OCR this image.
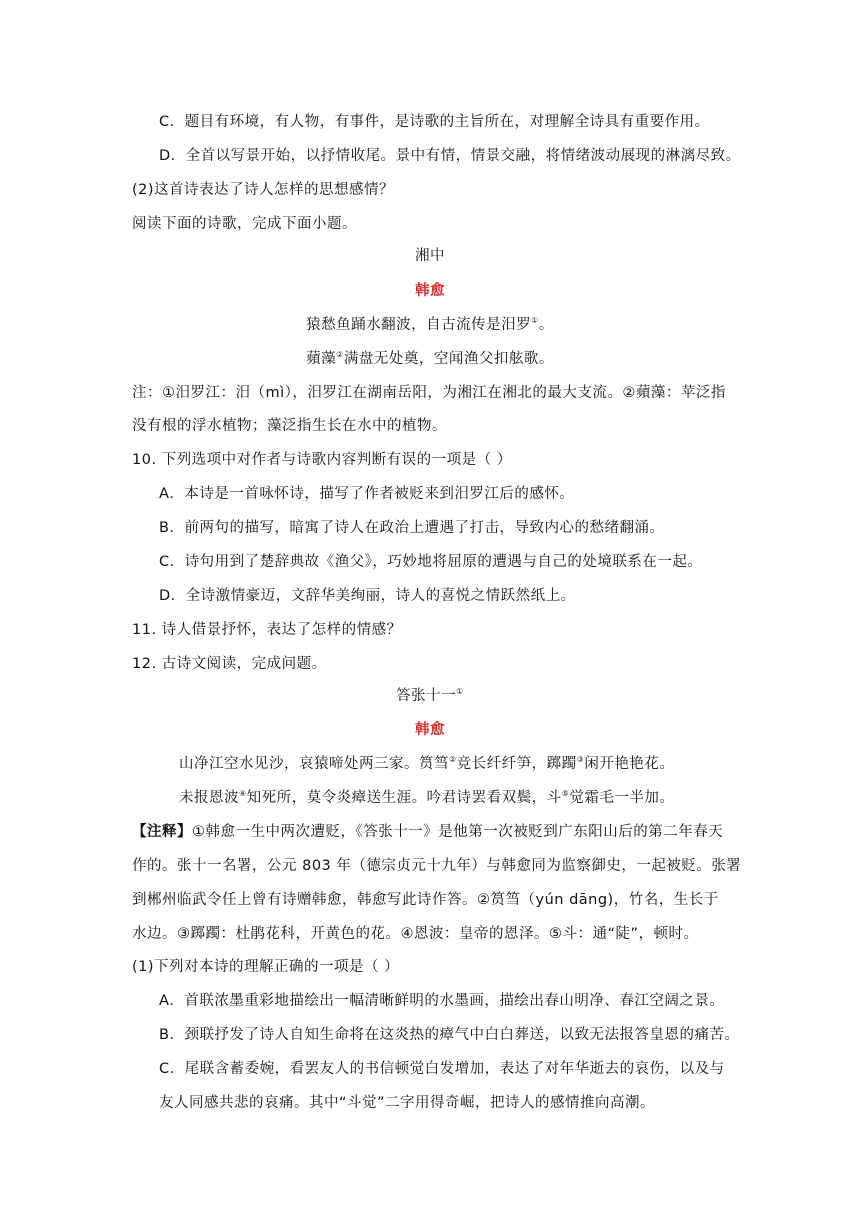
C．题目有环境，有人物，有事件，是诗歌的主旨所在，对理解全诗具有重要作用。
D．全首以写景开始，以抒情收尾。景中有情，情景交融，将情绪波动展现的淋漓尽致。
(2)这首诗表达了诗人怎样的思想感情？
阅读下面的诗歌，完成下面小题。
湘中
韩愈
猿愁鱼踊水翻波，自古流传是汨罗①。
蘋藻②满盘无处奠，空闻渔父扣舷歌。
注：①汨罗江：汨（mì），汨罗江在湖南岳阳，为湘江在湘北的最大支流。②蘋藻：苹泛指
没有根的浮水植物；藻泛指生长在水中的植物。
10. 下列选项中对作者与诗歌内容判断有误的一项是（ ）
A．本诗是一首咏怀诗，描写了作者被贬来到汨罗江后的感怀。
B．前两句的描写，暗寓了诗人在政治上遭遇了打击，导致内心的愁绪翻涌。
C．诗句用到了楚辞典故《渔父》，巧妙地将屈原的遭遇与自己的处境联系在一起。
D．全诗激情豪迈，文辞华美绚丽，诗人的喜悦之情跃然纸上。
11. 诗人借景抒怀，表达了怎样的情感？
12. 古诗文阅读，完成问题。
答张十一①
韩愈
山净江空水见沙，哀猿啼处两三家。筼筜②竞长纤纤笋，踯躅③闲开艳艳花。
未报恩波④知死所，莫令炎瘴送生涯。吟君诗罢看双鬓，斗⑤觉霜毛一半加。
【注释】①韩愈一生中两次遭贬，《答张十一》是他第一次被贬到广东阳山后的第二年春天
作的。张十一名署，公元 803 年（德宗贞元十九年）与韩愈同为监察御史，一起被贬。张署
到郴州临武令任上曾有诗赠韩愈，韩愈写此诗作答。②筼筜（yún dāng)，竹名，生长于
水边。③踯躅：杜鹃花科，开黄色的花。④恩波：皇帝的恩泽。⑤斗：通“陡”，顿时。
(1)下列对本诗的理解正确的一项是（ ）
A．首联浓墨重彩地描绘出一幅清晰鲜明的水墨画，描绘出春山明净、春江空阔之景。
B．颈联抒发了诗人自知生命将在这炎热的瘴气中白白葬送，以致无法报答皇恩的痛苦。
C．尾联含蓄委婉，看罢友人的书信顿觉白发增加，表达了对年华逝去的哀伤，以及与
友人同感共悲的哀痛。其中“斗觉”二字用得奇崛，把诗人的感情推向高潮。
